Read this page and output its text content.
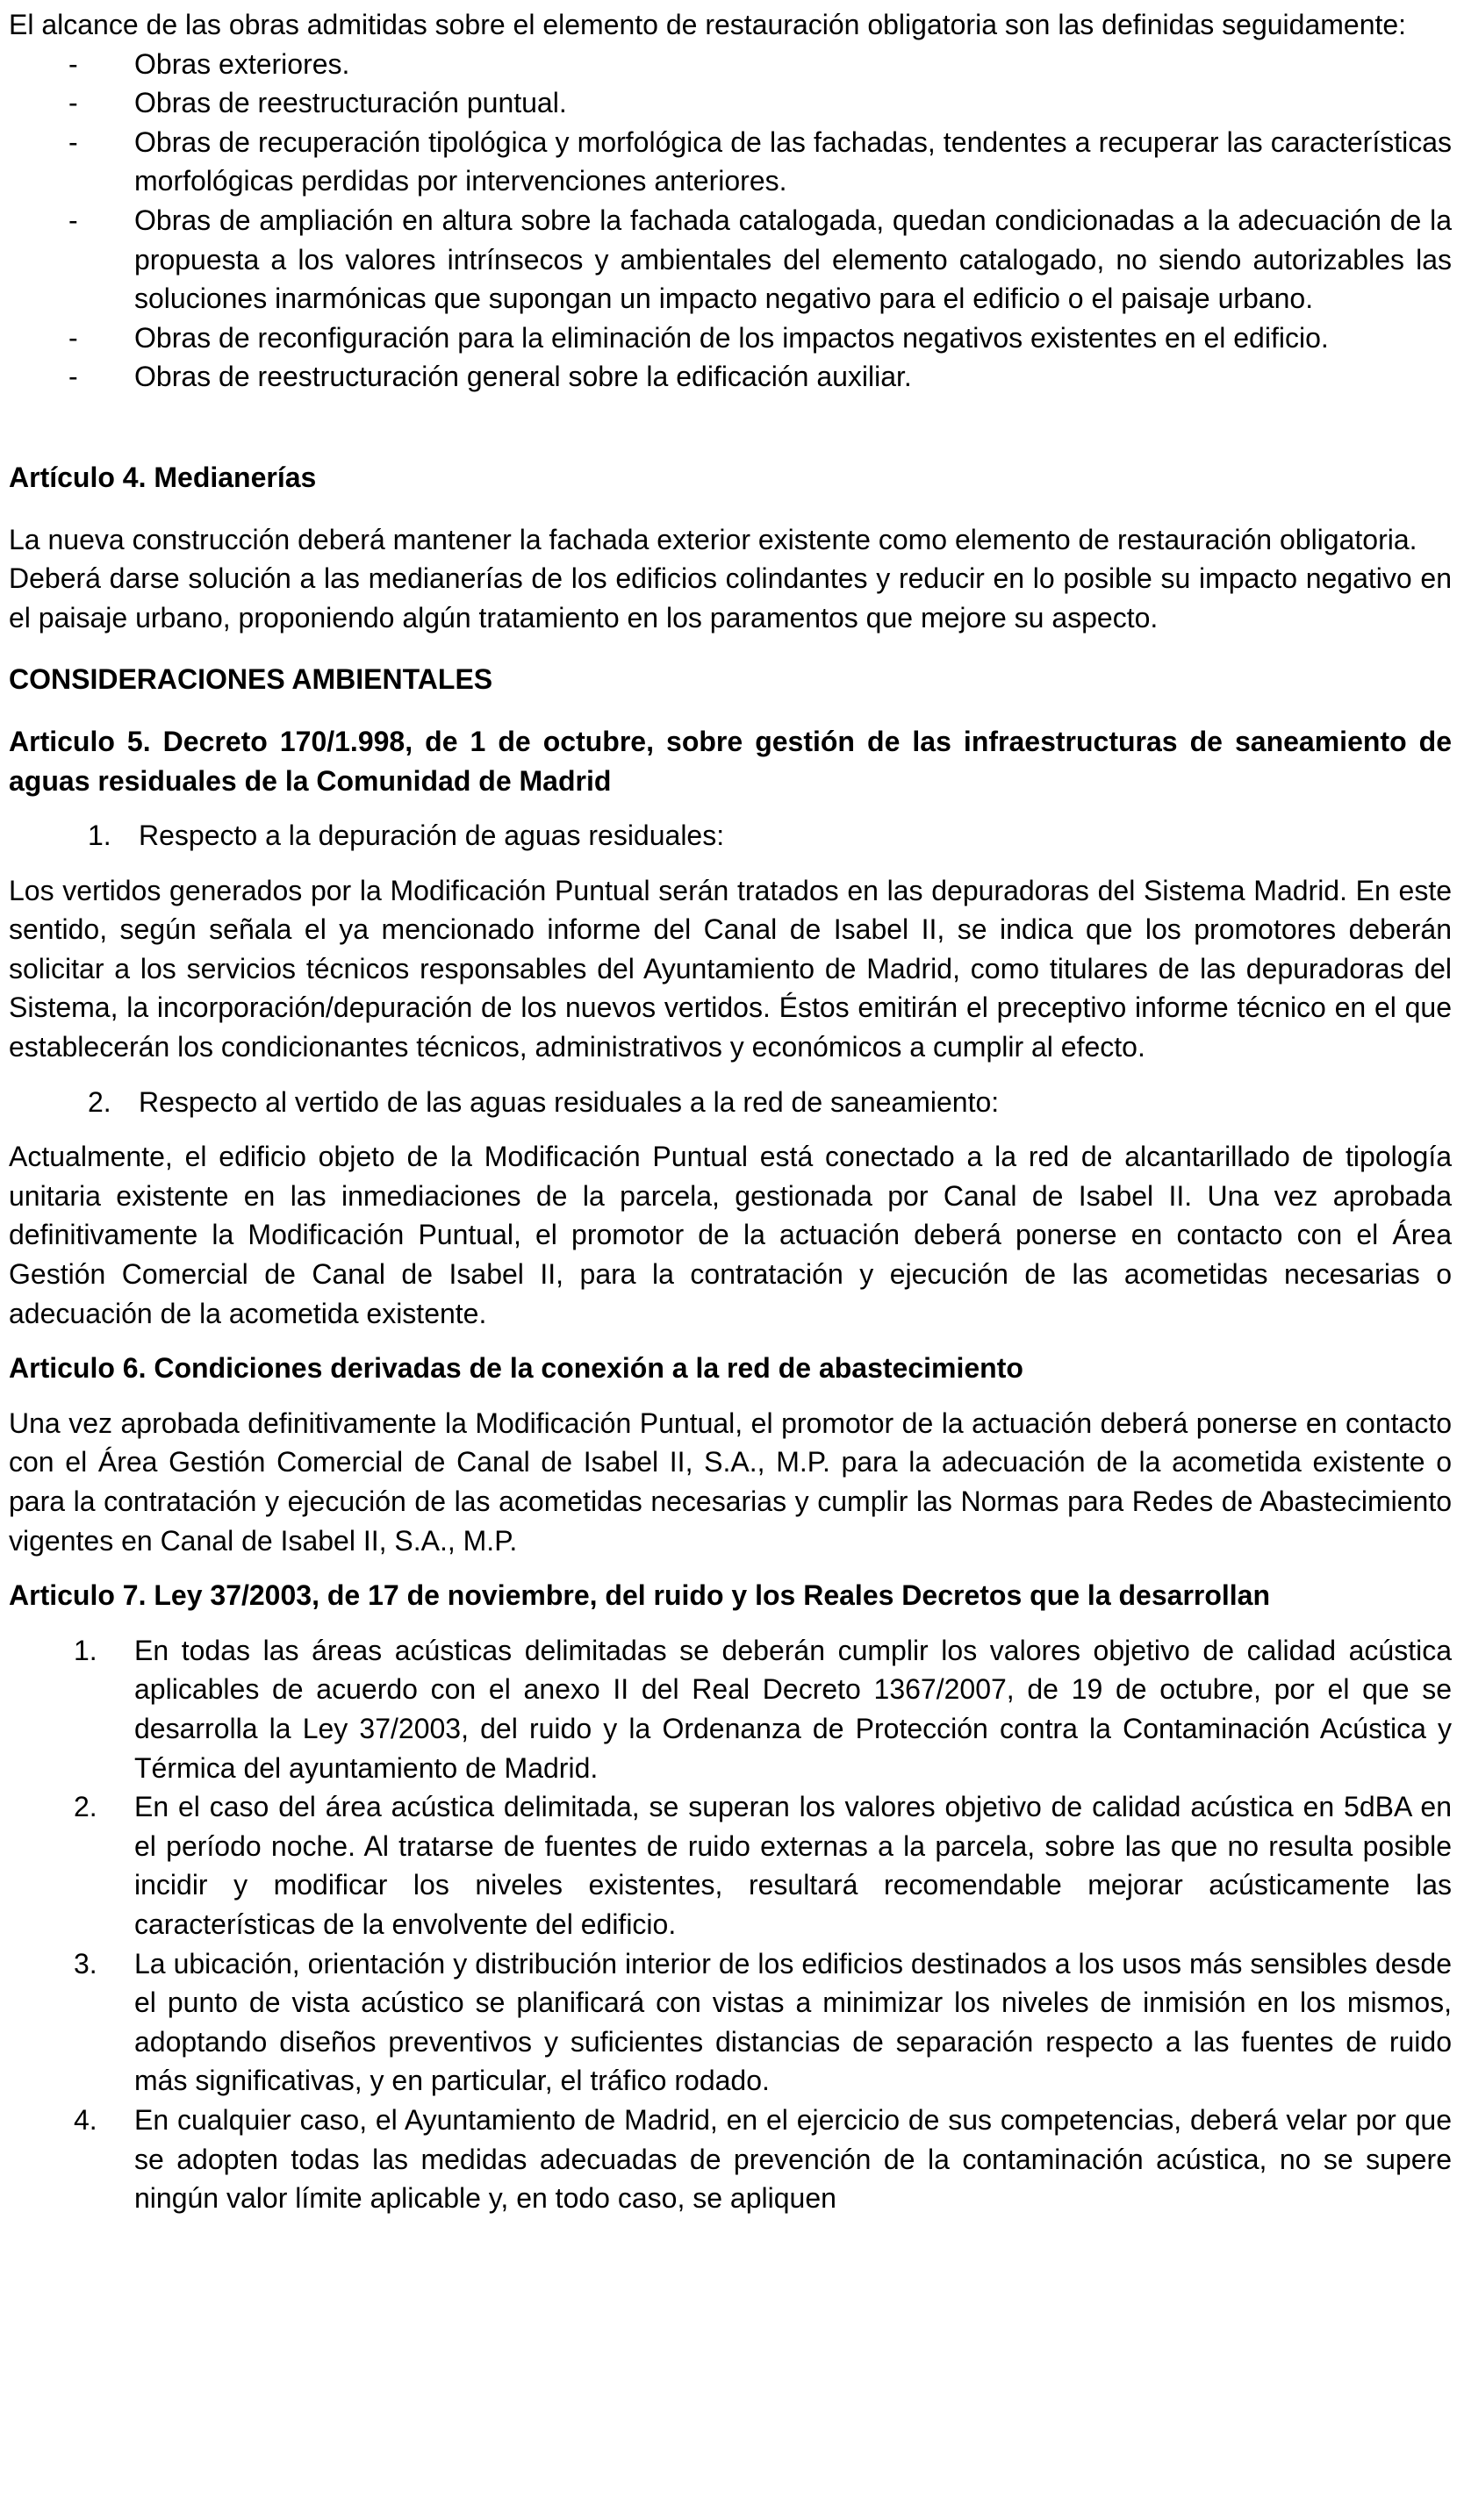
El alcance de las obras admitidas sobre el elemento de restauración obligatoria son las definidas seguidamente:

- Obras exteriores.
- Obras de reestructuración puntual.
- Obras de recuperación tipológica y morfológica de las fachadas, tendentes a recuperar las características morfológicas perdidas por intervenciones anteriores.
- Obras de ampliación en altura sobre la fachada catalogada, quedan condicionadas a la adecuación de la propuesta a los valores intrínsecos y ambientales del elemento catalogado, no siendo autorizables las soluciones inarmónicas que supongan un impacto negativo para el edificio o el paisaje urbano.
- Obras de reconfiguración para la eliminación de los impactos negativos existentes en el edificio.
- Obras de reestructuración general sobre la edificación auxiliar.

Artículo 4. Medianerías

La nueva construcción deberá mantener la fachada exterior existente como elemento de restauración obligatoria.

Deberá darse solución a las medianerías de los edificios colindantes y reducir en lo posible su impacto negativo en el paisaje urbano, proponiendo algún tratamiento en los paramentos que mejore su aspecto.

CONSIDERACIONES AMBIENTALES

Articulo 5. Decreto 170/1.998, de 1 de octubre, sobre gestión de las infraestructuras de saneamiento de aguas residuales de la Comunidad de Madrid

1. Respecto a la depuración de aguas residuales:

Los vertidos generados por la Modificación Puntual serán tratados en las depuradoras del Sistema Madrid. En este sentido, según señala el ya mencionado informe del Canal de Isabel II, se indica que los promotores deberán solicitar a los servicios técnicos responsables del Ayuntamiento de Madrid, como titulares de las depuradoras del Sistema, la incorporación/depuración de los nuevos vertidos. Éstos emitirán el preceptivo informe técnico en el que establecerán los condicionantes técnicos, administrativos y económicos a cumplir al efecto.

2. Respecto al vertido de las aguas residuales a la red de saneamiento:

Actualmente, el edificio objeto de la Modificación Puntual está conectado a la red de alcantarillado de tipología unitaria existente en las inmediaciones de la parcela, gestionada por Canal de Isabel II. Una vez aprobada definitivamente la Modificación Puntual, el promotor de la actuación deberá ponerse en contacto con el Área Gestión Comercial de Canal de Isabel II, para la contratación y ejecución de las acometidas necesarias o adecuación de la acometida existente.

Articulo 6. Condiciones derivadas de la conexión a la red de abastecimiento

Una vez aprobada definitivamente la Modificación Puntual, el promotor de la actuación deberá ponerse en contacto con el Área Gestión Comercial de Canal de Isabel II, S.A., M.P. para la adecuación de la acometida existente o para la contratación y ejecución de las acometidas necesarias y cumplir las Normas para Redes de Abastecimiento vigentes en Canal de Isabel II, S.A., M.P.

Articulo 7. Ley 37/2003, de 17 de noviembre, del ruido y los Reales Decretos que la desarrollan

1. En todas las áreas acústicas delimitadas se deberán cumplir los valores objetivo de calidad acústica aplicables de acuerdo con el anexo II del Real Decreto 1367/2007, de 19 de octubre, por el que se desarrolla la Ley 37/2003, del ruido y la Ordenanza de Protección contra la Contaminación Acústica y Térmica del ayuntamiento de Madrid.
2. En el caso del área acústica delimitada, se superan los valores objetivo de calidad acústica en 5dBA en el período noche. Al tratarse de fuentes de ruido externas a la parcela, sobre las que no resulta posible incidir y modificar los niveles existentes, resultará recomendable mejorar acústicamente las características de la envolvente del edificio.
3. La ubicación, orientación y distribución interior de los edificios destinados a los usos más sensibles desde el punto de vista acústico se planificará con vistas a minimizar los niveles de inmisión en los mismos, adoptando diseños preventivos y suficientes distancias de separación respecto a las fuentes de ruido más significativas, y en particular, el tráfico rodado.
4. En cualquier caso, el Ayuntamiento de Madrid, en el ejercicio de sus competencias, deberá velar por que se adopten todas las medidas adecuadas de prevención de la contaminación acústica, no se supere ningún valor límite aplicable y, en todo caso, se apliquen
